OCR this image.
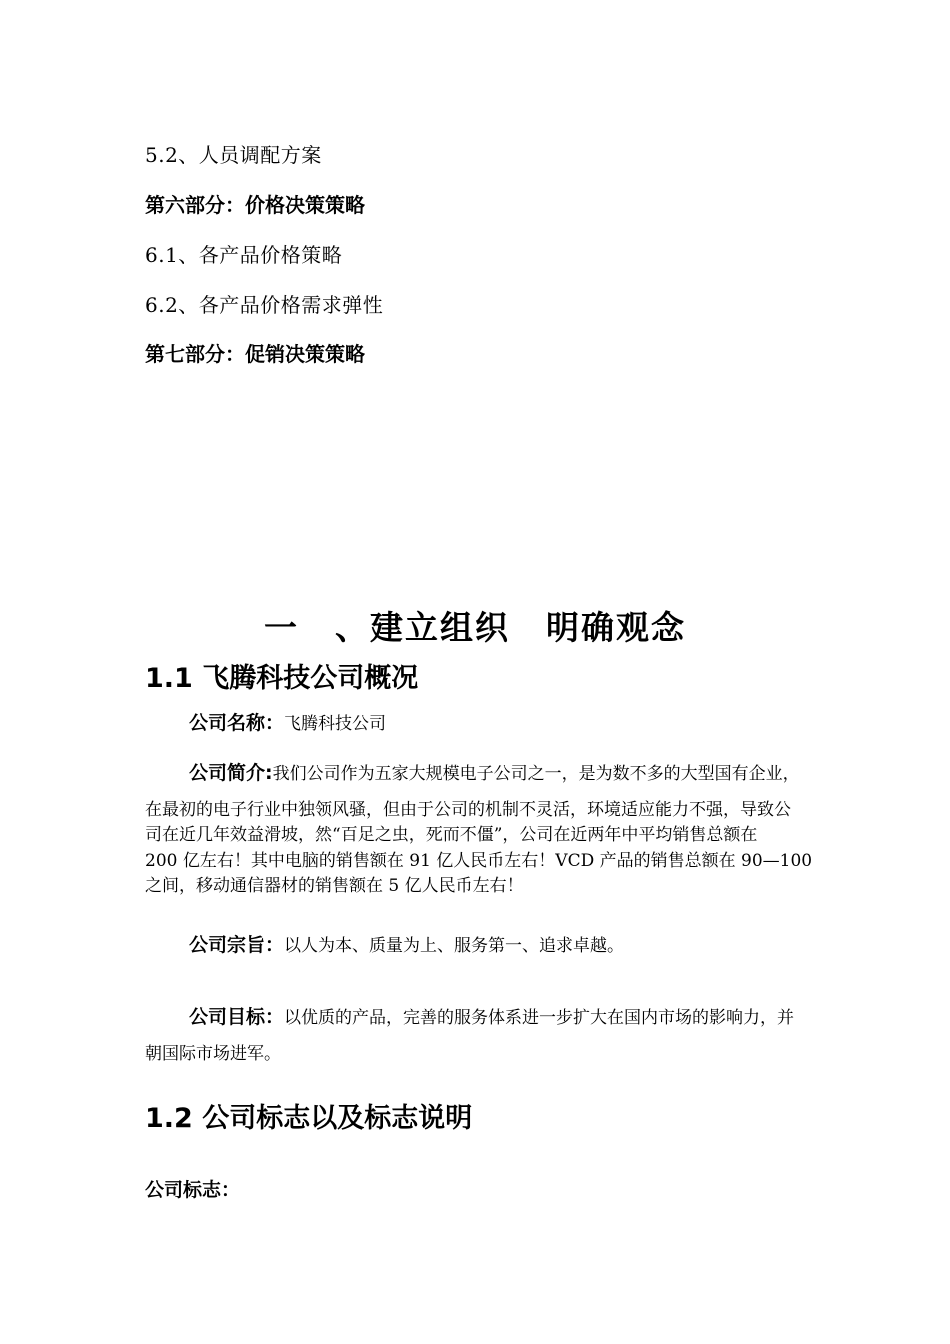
5.2、人员调配方案
第六部分：价格决策策略
6.1、各产品价格策略
6.2、各产品价格需求弹性
第七部分：促销决策策略
一 、建立组织 明确观念
1.1 飞腾科技公司概况
公司名称：飞腾科技公司
公司简介:我们公司作为五家大规模电子公司之一，是为数不多的大型国有企业，
在最初的电子行业中独领风骚，但由于公司的机制不灵活，环境适应能力不强，导致公
司在近几年效益滑坡，然“百足之虫，死而不僵”，公司在近两年中平均销售总额在
200 亿左右！其中电脑的销售额在 91 亿人民币左右！VCD 产品的销售总额在 90—100
之间，移动通信器材的销售额在 5 亿人民币左右！
公司宗旨：以人为本、质量为上、服务第一、追求卓越。
公司目标：以优质的产品，完善的服务体系进一步扩大在国内市场的影响力，并
朝国际市场进军。
1.2 公司标志以及标志说明
公司标志：
